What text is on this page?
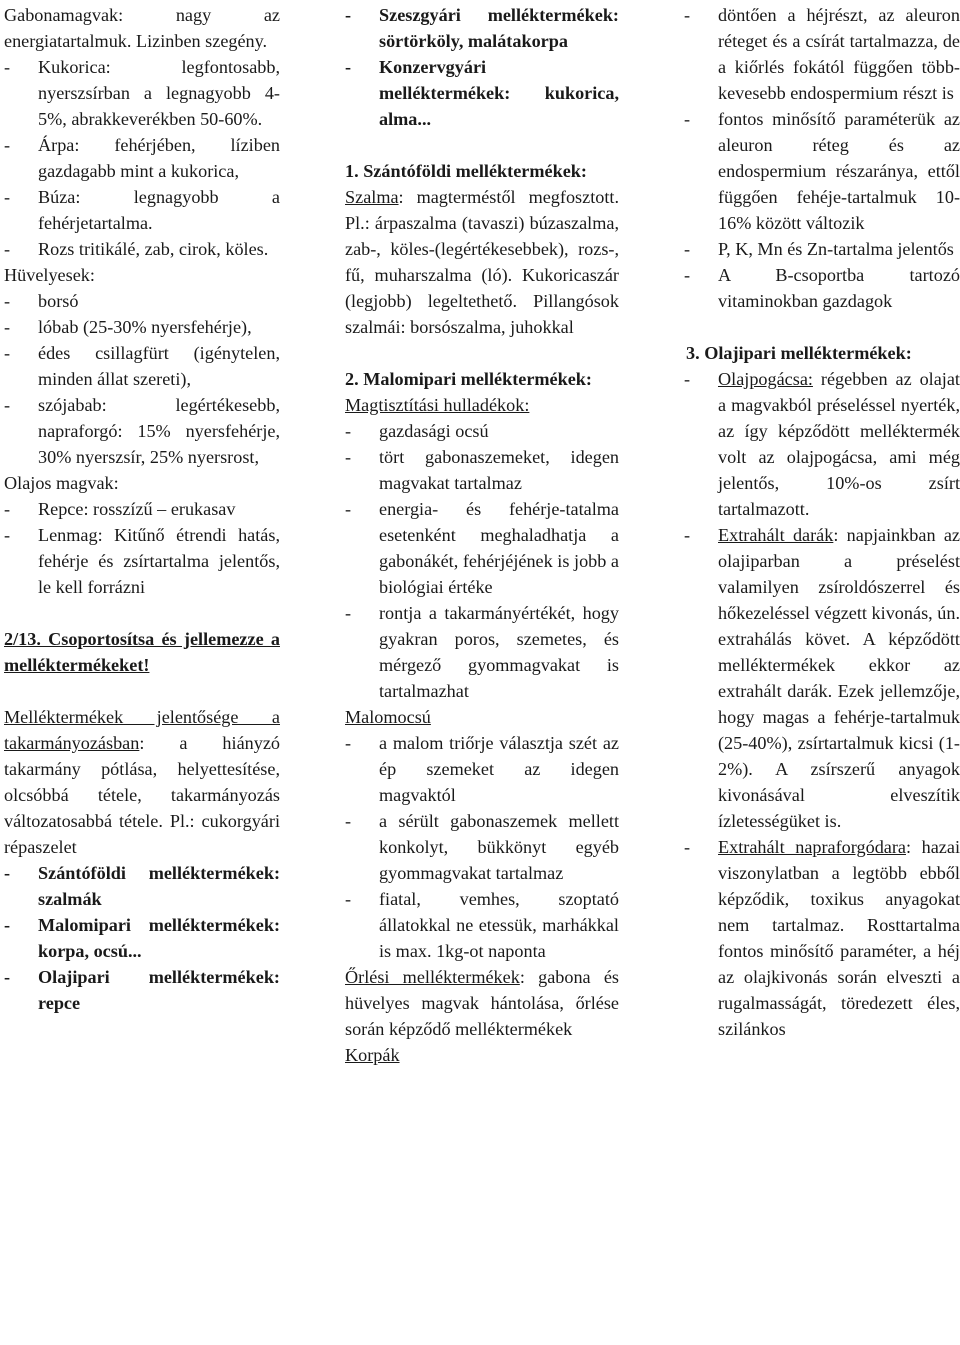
Gabonamagvak: nagy az energiatartalmuk. Lizinben szegény.

- Kukorica: legfontosabb, nyerszsírban a legnagyobb 4-5%, abrakkeverékben 50-60%.
- Árpa: fehérjében, líziben gazdagabb mint a kukorica,
- Búza: legnagyobb a fehérjetartalma.
- Rozs tritikálé, zab, cirok, köles.

Hüvelyesek:

- borsó
- lóbab (25-30% nyersfehérje),
- édes csillagfürt (igénytelen, minden állat szereti),
- szójabab: legértékesebb, napraforgó: 15% nyersfehérje, 30% nyerszsír, 25% nyersrost,

Olajos magvak:

- Repce: rosszízű – erukasav
- Lenmag: Kitűnő étrendi hatás, fehérje és zsírtartalma jelentős, le kell forrázni

2/13. Csoportosítsa és jellemezze a melléktermékeket!

Melléktermékek jelentősége a takarmányozásban: a hiányzó takarmány pótlása, helyettesítése, olcsóbbá tétele, takarmányozás változatosabbá tétele. Pl.: cukorgyári répaszelet

- Szántóföldi melléktermékek: szalmák
- Malomipari melléktermékek: korpa, ocsú...
- Olajipari melléktermékek: repce
- Szeszgyári melléktermékek: sörtörköly, malátakorpa
- Konzervgyári melléktermékek: kukorica, alma...

1. Szántóföldi melléktermékek:

Szalma: magterméstől megfosztott. Pl.: árpaszalma (tavaszi) búzaszalma, zab-, köles-(legértékesebbek), rozs-, fű, muharszalma (ló). Kukoricaszár (legjobb) legeltethető. Pillangósok szalmái: borsószalma, juhokkal

2. Malomipari melléktermékek:

Magtisztítási hulladékok:

- gazdasági ocsú
- tört gabonaszemeket, idegen magvakat tartalmaz
- energia- és fehérje-tatalma esetenként meghaladhatja a gabonákét, fehérjéjének is jobb a biológiai értéke
- rontja a takarmányértékét, hogy gyakran poros, szemetes, és mérgező gyommagvakat is tartalmazhat

Malomocsú

- a malom triőrje választja szét az ép szemeket az idegen magvaktól
- a sérült gabonaszemek mellett konkolyt, bükkönyt egyéb gyommagvakat tartalmaz
- fiatal, vemhes, szoptató állatokkal ne etessük, marhákkal is max. 1kg-ot naponta

Őrlési melléktermékek: gabona és hüvelyes magvak hántolása, őrlése során képződő melléktermékek

Korpák

- döntően a héjrészt, az aleuron réteget és a csírát tartalmazza, de a kiőrlés fokától függően több-kevesebb endospermium részt is
- fontos minősítő paraméterük az aleuron réteg és az endospermium részaránya, ettől függően fehéje-tartalmuk 10-16% között változik
- P, K, Mn és Zn-tartalma jelentős
- A B-csoportba tartozó vitaminokban gazdagok

3. Olajipari melléktermékek:

- Olajpogácsa: régebben az olajat a magvakból préseléssel nyerték, az így képződött melléktermék volt az olajpogácsa, ami még jelentős, 10%-os zsírt tartalmazott.
- Extrahált darák: napjainkban az olajiparban a préselést valamilyen zsíroldószerrel és hőkezeléssel végzett kivonás, ún. extrahálás követ. A képződött melléktermékek ekkor az extrahált darák. Ezek jellemzője, hogy magas a fehérje-tartalmuk (25-40%), zsírtartalmuk kicsi (1-2%). A zsírszerű anyagok kivonásával elveszítik ízletességüket is.
- Extrahált napraforgódara: hazai viszonylatban a legtöbb ebből képződik, toxikus anyagokat nem tartalmaz. Rosttartalma fontos minősítő paraméter, a héj az olajkivonás során elveszti a rugalmasságát, töredezett éles, szilánkos
